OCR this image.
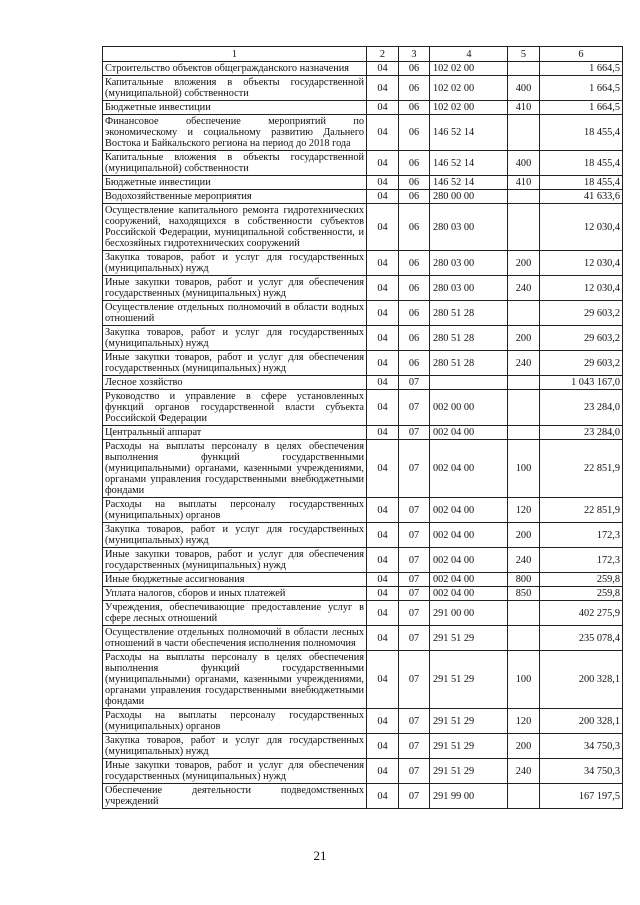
1	2	3	4	5	6
Строительство объектов общегражданского назначения	04	06	102 02 00		1 664,5
Капитальные вложения в объекты государственной (муниципальной) собственности	04	06	102 02 00	400	1 664,5
Бюджетные инвестиции	04	06	102 02 00	410	1 664,5
Финансовое обеспечение мероприятий по экономическому и социальному развитию Дальнего Востока и Байкальского региона на период до 2018 года	04	06	146 52 14		18 455,4
Капитальные вложения в объекты государственной (муниципальной) собственности	04	06	146 52 14	400	18 455,4
Бюджетные инвестиции	04	06	146 52 14	410	18 455,4
Водохозяйственные мероприятия	04	06	280 00 00		41 633,6
Осуществление капитального ремонта гидротехнических сооружений, находящихся в собственности субъектов Российской Федерации, муниципальной собственности, и бесхозяйных гидротехнических сооружений	04	06	280 03 00		12 030,4
Закупка товаров, работ и услуг для государственных (муниципальных) нужд	04	06	280 03 00	200	12 030,4
Иные закупки товаров, работ и услуг для обеспечения государственных (муниципальных) нужд	04	06	280 03 00	240	12 030,4
Осуществление отдельных полномочий в области водных отношений	04	06	280 51 28		29 603,2
Закупка товаров, работ и услуг для государственных (муниципальных) нужд	04	06	280 51 28	200	29 603,2
Иные закупки товаров, работ и услуг для обеспечения государственных (муниципальных) нужд	04	06	280 51 28	240	29 603,2
Лесное хозяйство	04	07			1 043 167,0
Руководство и управление в сфере установленных функций органов государственной власти субъекта Российской Федерации	04	07	002 00 00		23 284,0
Центральный аппарат	04	07	002 04 00		23 284,0
Расходы на выплаты персоналу в целях обеспечения выполнения функций государственными (муниципальными) органами, казенными учреждениями, органами управления государственными внебюджетными фондами	04	07	002 04 00	100	22 851,9
Расходы на выплаты персоналу государственных (муниципальных) органов	04	07	002 04 00	120	22 851,9
Закупка товаров, работ и услуг для государственных (муниципальных) нужд	04	07	002 04 00	200	172,3
Иные закупки товаров, работ и услуг для обеспечения государственных (муниципальных) нужд	04	07	002 04 00	240	172,3
Иные бюджетные ассигнования	04	07	002 04 00	800	259,8
Уплата налогов, сборов и иных платежей	04	07	002 04 00	850	259,8
Учреждения, обеспечивающие предоставление услуг в сфере лесных отношений	04	07	291 00 00		402 275,9
Осуществление отдельных полномочий в области лесных отношений в части обеспечения исполнения полномочия	04	07	291 51 29		235 078,4
Расходы на выплаты персоналу в целях обеспечения выполнения функций государственными (муниципальными) органами, казенными учреждениями, органами управления государственными внебюджетными фондами	04	07	291 51 29	100	200 328,1
Расходы на выплаты персоналу государственных (муниципальных) органов	04	07	291 51 29	120	200 328,1
Закупка товаров, работ и услуг для государственных (муниципальных) нужд	04	07	291 51 29	200	34 750,3
Иные закупки товаров, работ и услуг для обеспечения государственных (муниципальных) нужд	04	07	291 51 29	240	34 750,3
Обеспечение деятельности подведомственных учреждений	04	07	291 99 00		167 197,5
21
